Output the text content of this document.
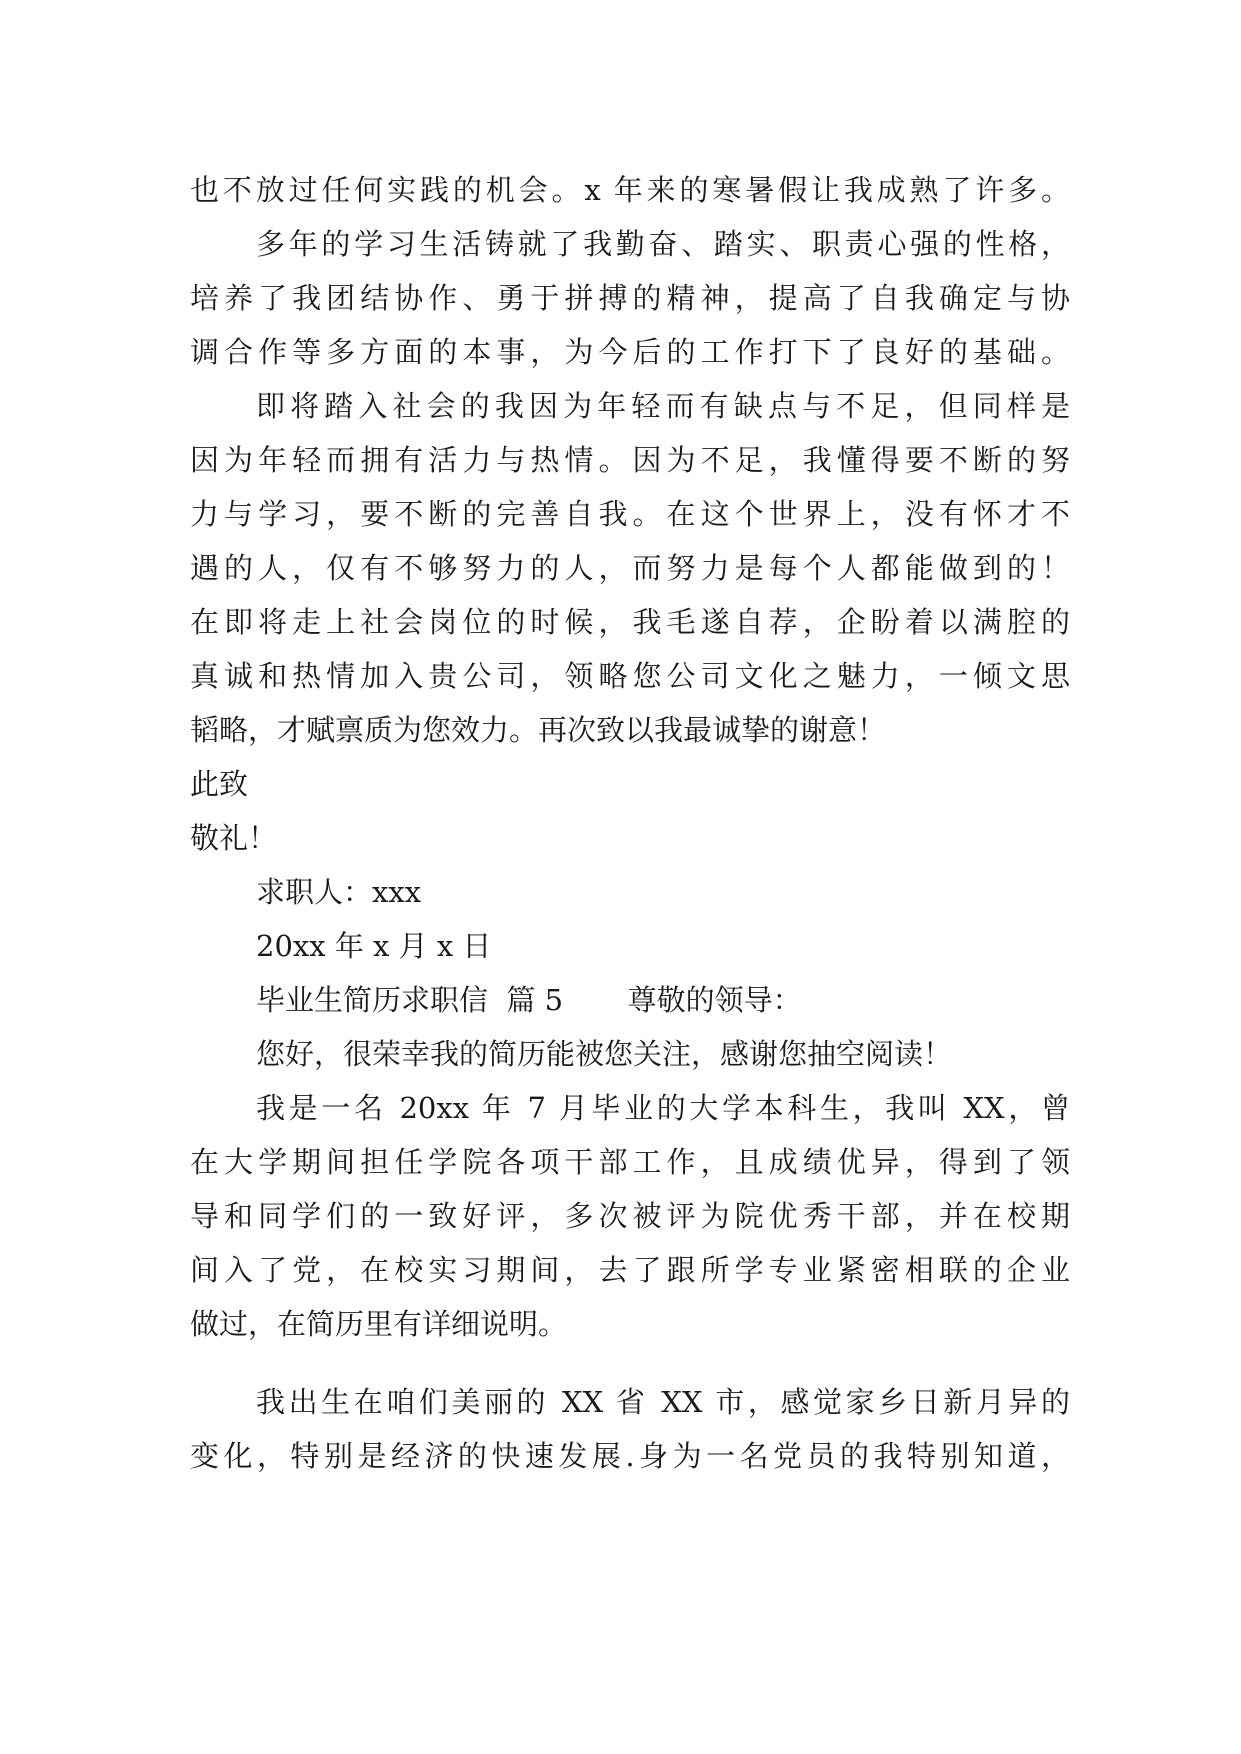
也不放过任何实践的机会。x 年来的寒暑假让我成熟了许多。
多年的学习生活铸就了我勤奋、踏实、职责心强的性格，
培养了我团结协作、勇于拼搏的精神，提高了自我确定与协
调合作等多方面的本事，为今后的工作打下了良好的基础。
即将踏入社会的我因为年轻而有缺点与不足，但同样是
因为年轻而拥有活力与热情。因为不足，我懂得要不断的努
力与学习，要不断的完善自我。在这个世界上，没有怀才不
遇的人，仅有不够努力的人，而努力是每个人都能做到的！
在即将走上社会岗位的时候，我毛遂自荐，企盼着以满腔的
真诚和热情加入贵公司，领略您公司文化之魅力，一倾文思
韬略，才赋禀质为您效力。再次致以我最诚挚的谢意！
此致
敬礼！
求职人：xxx
20xx 年 x 月 x 日
毕业生简历求职信  篇 5       尊敬的领导：
您好，很荣幸我的简历能被您关注，感谢您抽空阅读！
我是一名 20xx 年 7 月毕业的大学本科生，我叫 XX，曾
在大学期间担任学院各项干部工作，且成绩优异，得到了领
导和同学们的一致好评，多次被评为院优秀干部，并在校期
间入了党，在校实习期间，去了跟所学专业紧密相联的企业
做过，在简历里有详细说明。
我出生在咱们美丽的 XX 省 XX 市，感觉家乡日新月异的
变化，特别是经济的快速发展.身为一名党员的我特别知道，
